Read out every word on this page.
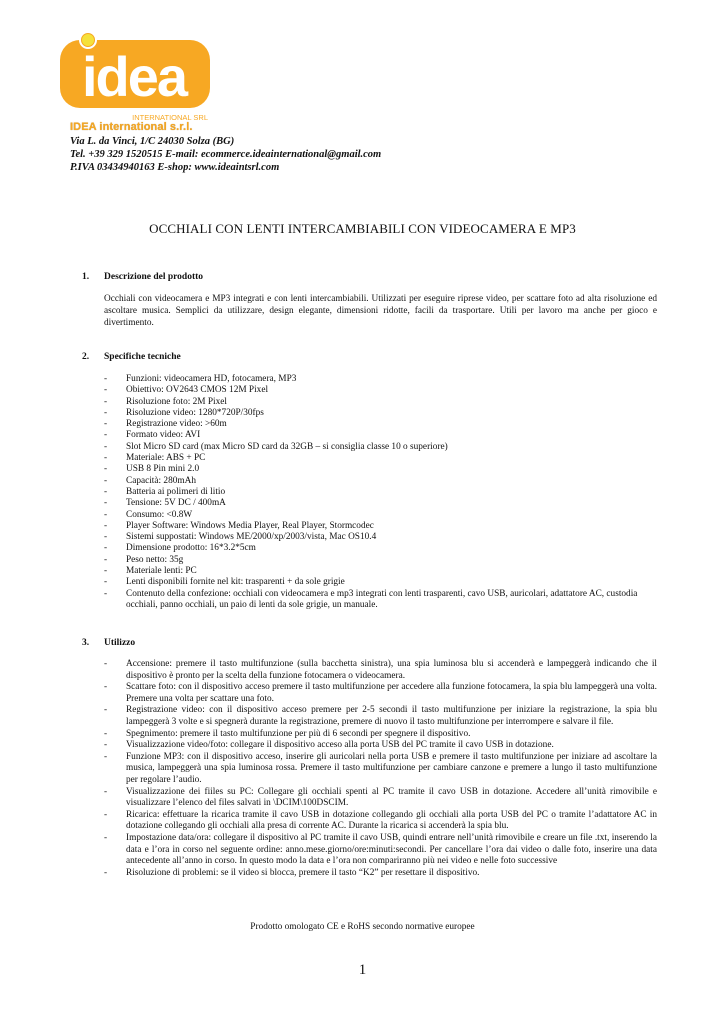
idea
INTERNATIONAL SRL
IDEA international s.r.l.
Via L. da Vinci, 1/C 24030 Solza (BG)
Tel. +39 329 1520515 E-mail: ecommerce.ideainternational@gmail.com
P.IVA 03434940163 E-shop: www.ideaintsrl.com
OCCHIALI CON LENTI INTERCAMBIABILI CON VIDEOCAMERA E MP3
1. Descrizione del prodotto
Occhiali con videocamera e MP3 integrati e con lenti intercambiabili. Utilizzati per eseguire riprese video, per scattare foto ad alta risoluzione ed ascoltare musica. Semplici da utilizzare, design elegante, dimensioni ridotte, facili da trasportare. Utili per lavoro ma anche per gioco e divertimento.
2. Specifiche tecniche
- Funzioni: videocamera HD, fotocamera, MP3
- Obiettivo: OV2643 CMOS 12M Pixel
- Risoluzione foto: 2M Pixel
- Risoluzione video: 1280*720P/30fps
- Registrazione video: >60m
- Formato video: AVI
- Slot Micro SD card (max Micro SD card da 32GB – si consiglia classe 10 o superiore)
- Materiale: ABS + PC
- USB 8 Pin mini 2.0
- Capacità: 280mAh
- Batteria ai polimeri di litio
- Tensione: 5V DC / 400mA
- Consumo: <0.8W
- Player Software: Windows Media Player, Real Player, Stormcodec
- Sistemi suppostati: Windows ME/2000/xp/2003/vista, Mac OS10.4
- Dimensione prodotto: 16*3.2*5cm
- Peso netto: 35g
- Materiale lenti: PC
- Lenti disponibili fornite nel kit: trasparenti + da sole grigie
- Contenuto della confezione: occhiali con videocamera e mp3 integrati con lenti trasparenti, cavo USB, auricolari, adattatore AC, custodia occhiali, panno occhiali, un paio di lenti da sole grigie, un manuale.
3. Utilizzo
- Accensione: premere il tasto multifunzione (sulla bacchetta sinistra), una spia luminosa blu si accenderà e lampeggerà indicando che il dispositivo è pronto per la scelta della funzione fotocamera o videocamera.
- Scattare foto: con il dispositivo acceso premere il tasto multifunzione per accedere alla funzione fotocamera, la spia blu lampeggerà una volta. Premere una volta per scattare una foto.
- Registrazione video: con il dispositivo acceso premere per 2-5 secondi il tasto multifunzione per iniziare la registrazione, la spia blu lampeggerà 3 volte e si spegnerà durante la registrazione, premere di nuovo il tasto multifunzione per interrompere e salvare il file.
- Spegnimento: premere il tasto multifunzione per più di 6 secondi per spegnere il dispositivo.
- Visualizzazione video/foto: collegare il dispositivo acceso alla porta USB del PC tramite il cavo USB in dotazione.
- Funzione MP3: con il dispositivo acceso, inserire gli auricolari nella porta USB e premere il tasto multifunzione per iniziare ad ascoltare la musica, lampeggerà una spia luminosa rossa. Premere il tasto multifunzione per cambiare canzone e premere a lungo il tasto multifunzione per regolare l’audio.
- Visualizzazione dei fiiles su PC: Collegare gli occhiali spenti al PC tramite il cavo USB in dotazione. Accedere all’unità rimovibile e visualizzare l’elenco del files salvati in \DCIM\100DSCIM.
- Ricarica: effettuare la ricarica tramite il cavo USB in dotazione collegando gli occhiali alla porta USB del PC o tramite l’adattatore AC in dotazione collegando gli occhiali alla presa di corrente AC. Durante la ricarica si accenderà la spia blu.
- Impostazione data/ora: collegare il dispositivo al PC tramite il cavo USB, quindi entrare nell’unità rimovibile e creare un file .txt, inserendo la data e l’ora in corso nel seguente ordine: anno.mese.giorno/ore:minuti:secondi. Per cancellare l’ora dai video o dalle foto, inserire una data antecedente all’anno in corso. In questo modo la data e l’ora non compariranno più nei video e nelle foto successive
- Risoluzione di problemi: se il video si blocca, premere il tasto “K2” per resettare il dispositivo.
Prodotto omologato CE e RoHS secondo normative europee
1
